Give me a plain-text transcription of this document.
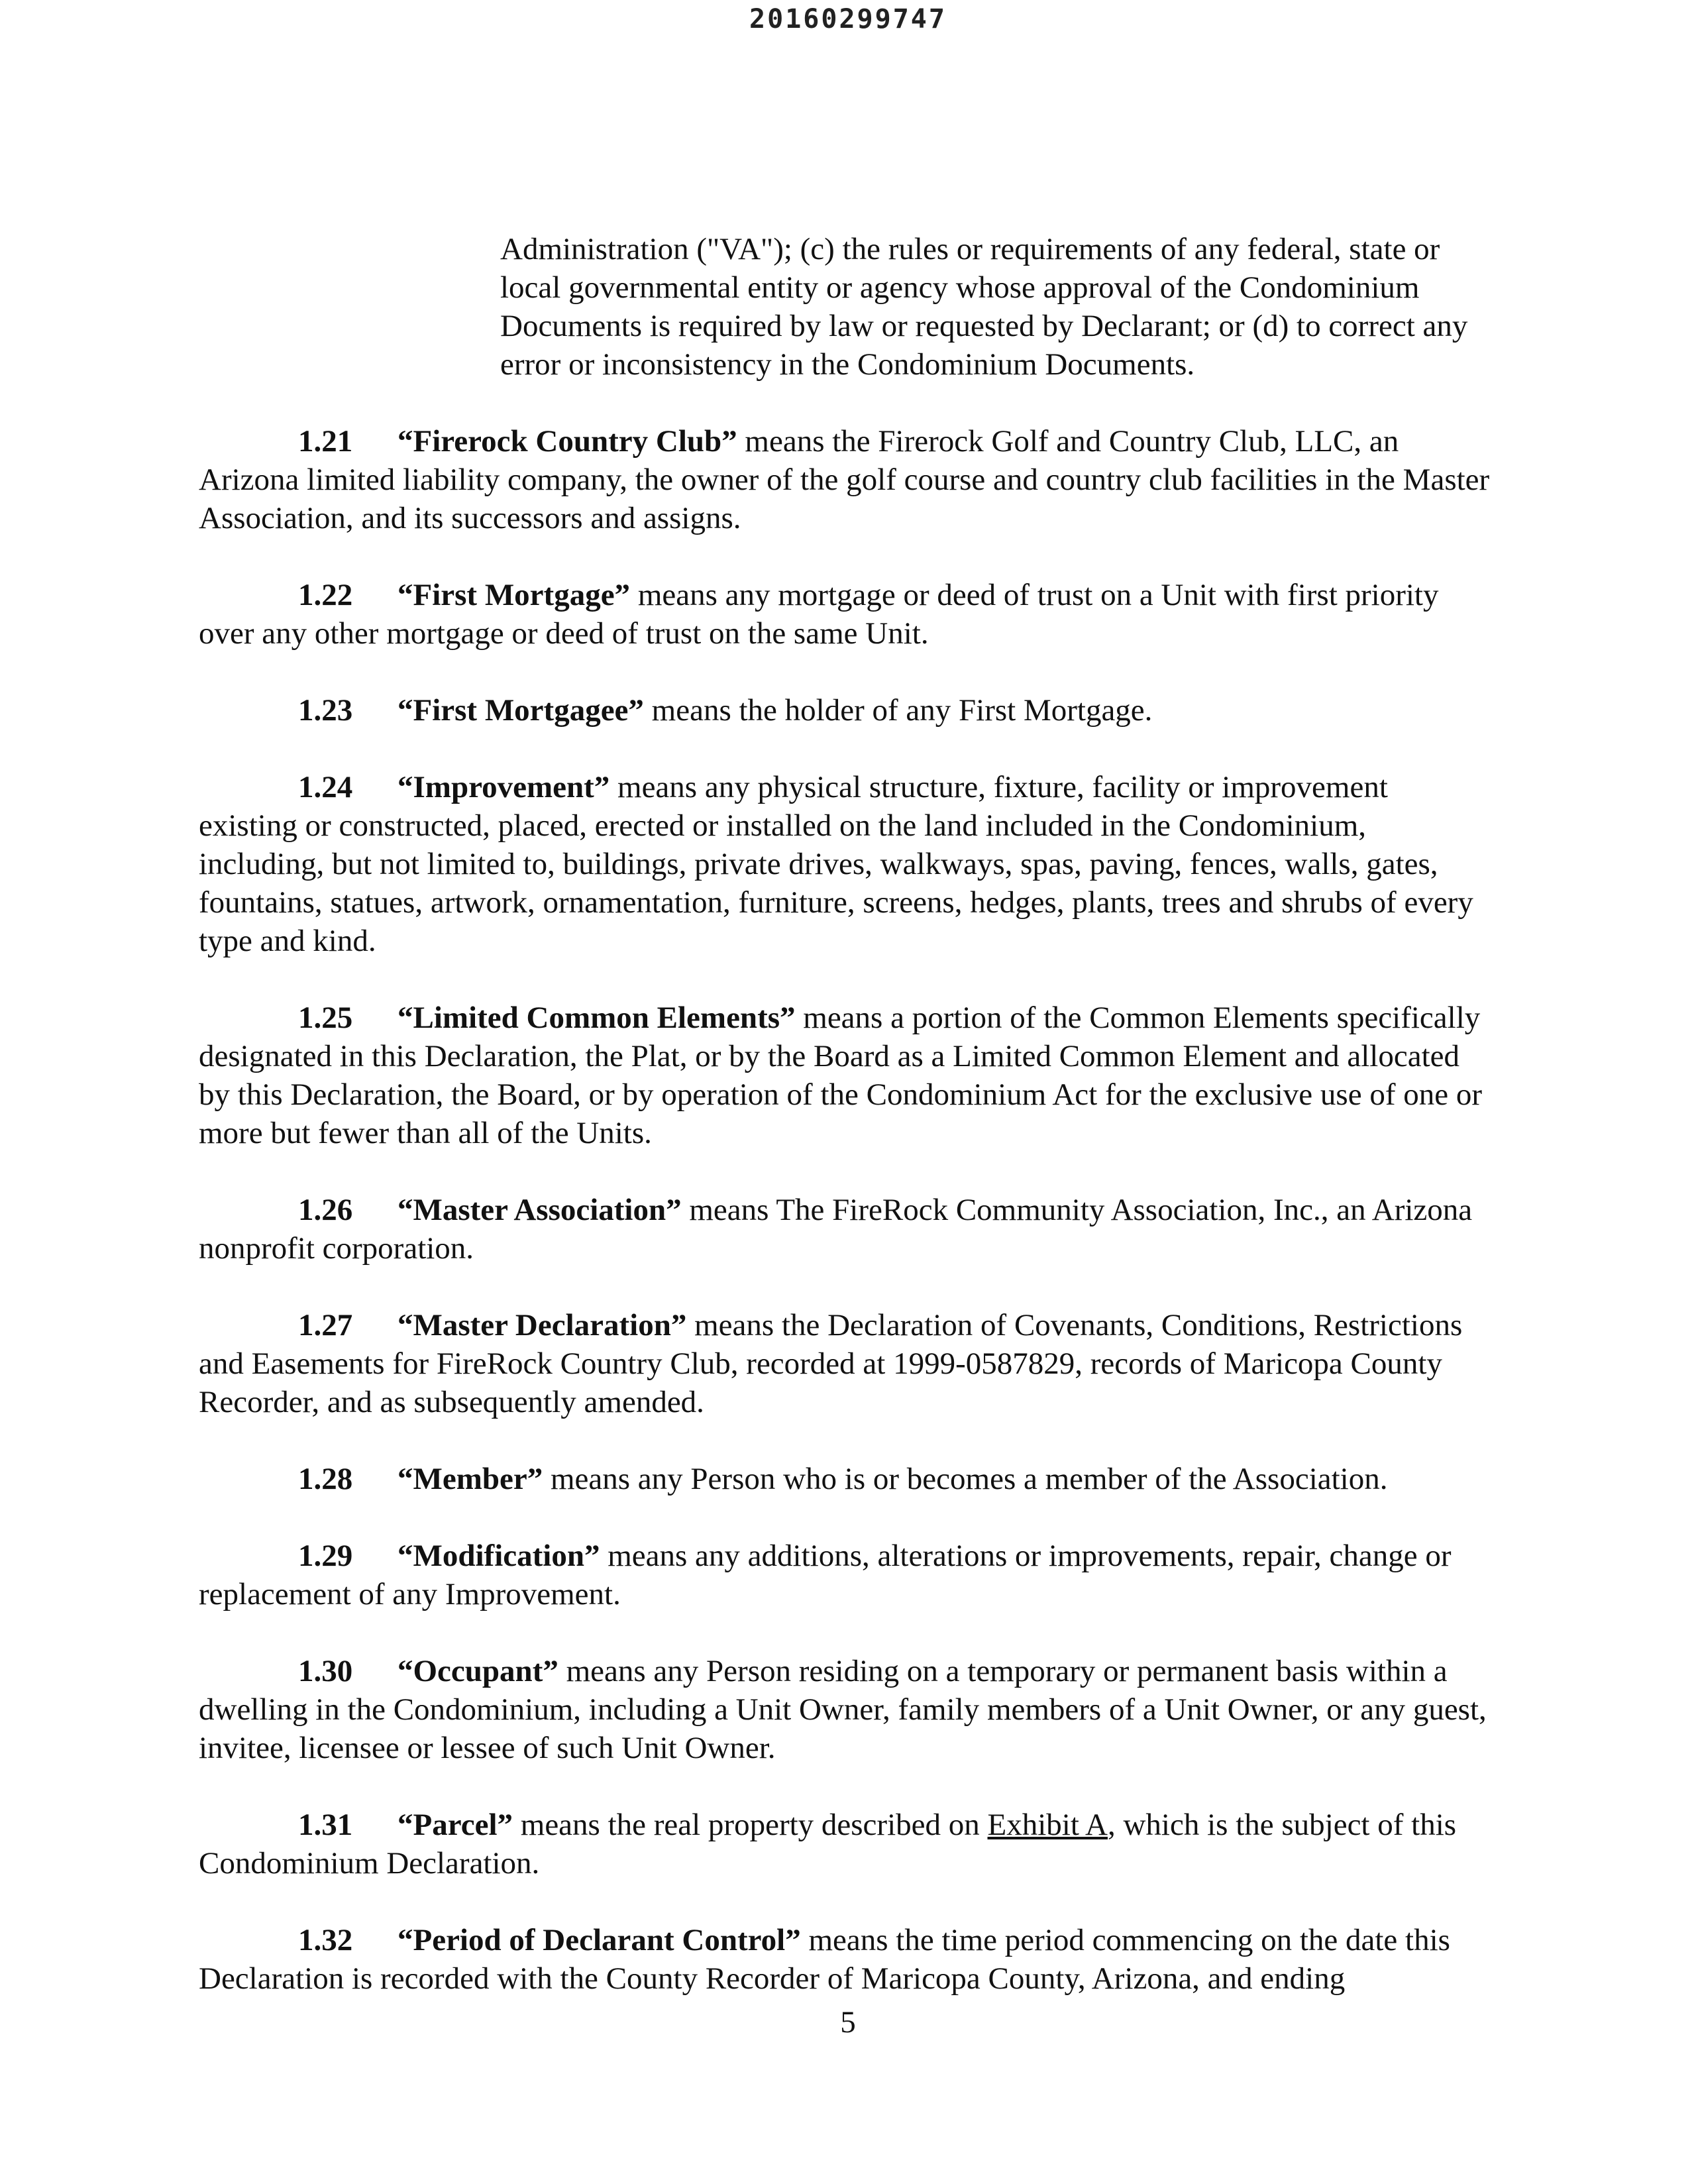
20160299747

Administration ("VA"); (c) the rules or requirements of any federal, state or local governmental entity or agency whose approval of the Condominium Documents is required by law or requested by Declarant; or (d) to correct any error or inconsistency in the Condominium Documents.

1.21 “Firerock Country Club” means the Firerock Golf and Country Club, LLC, an Arizona limited liability company, the owner of the golf course and country club facilities in the Master Association, and its successors and assigns.

1.22 “First Mortgage” means any mortgage or deed of trust on a Unit with first priority over any other mortgage or deed of trust on the same Unit.

1.23 “First Mortgagee” means the holder of any First Mortgage.

1.24 “Improvement” means any physical structure, fixture, facility or improvement existing or constructed, placed, erected or installed on the land included in the Condominium, including, but not limited to, buildings, private drives, walkways, spas, paving, fences, walls, gates, fountains, statues, artwork, ornamentation, furniture, screens, hedges, plants, trees and shrubs of every type and kind.

1.25 “Limited Common Elements” means a portion of the Common Elements specifically designated in this Declaration, the Plat, or by the Board as a Limited Common Element and allocated by this Declaration, the Board, or by operation of the Condominium Act for the exclusive use of one or more but fewer than all of the Units.

1.26 “Master Association” means The FireRock Community Association, Inc., an Arizona nonprofit corporation.

1.27 “Master Declaration” means the Declaration of Covenants, Conditions, Restrictions and Easements for FireRock Country Club, recorded at 1999-0587829, records of Maricopa County Recorder, and as subsequently amended.

1.28 “Member” means any Person who is or becomes a member of the Association.

1.29 “Modification” means any additions, alterations or improvements, repair, change or replacement of any Improvement.

1.30 “Occupant” means any Person residing on a temporary or permanent basis within a dwelling in the Condominium, including a Unit Owner, family members of a Unit Owner, or any guest, invitee, licensee or lessee of such Unit Owner.

1.31 “Parcel” means the real property described on Exhibit A, which is the subject of this Condominium Declaration.

1.32 “Period of Declarant Control” means the time period commencing on the date this Declaration is recorded with the County Recorder of Maricopa County, Arizona, and ending

5
